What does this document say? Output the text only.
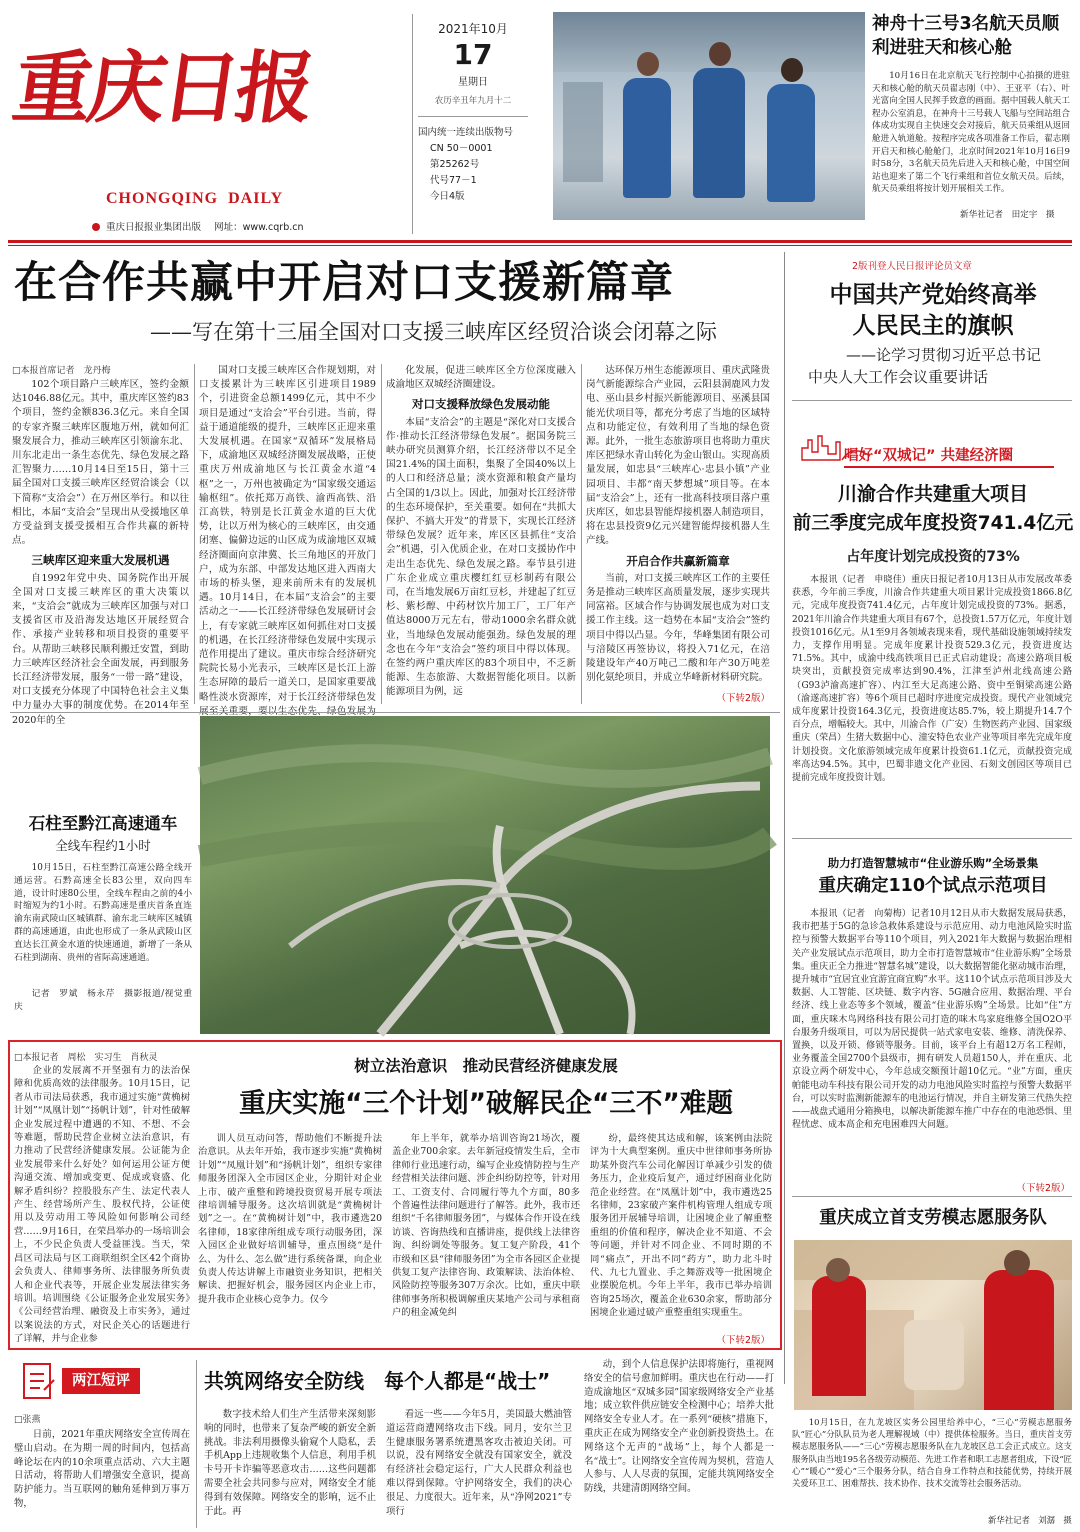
重庆日报
CHONGQING  DAILY
重庆日报报业集团出版 网址：www.cqrb.cn
2021年10月
17
星期日
农历辛丑年九月十二
国内统一连续出版物号
CN 50－0001
第25262号
代号77－1
今日4版
神舟十三号3名航天员顺利进驻天和核心舱

10月16日在北京航天飞行控制中心拍摄的进驻天和核心舱的航天员翟志刚（中）、王亚平（右）、叶光富向全国人民挥手致意的画面。据中国载人航天工程办公室消息，在神舟十三号载人飞船与空间站组合体成功实现自主快速交会对接后，航天员乘组从返回舱进入轨道舱。按程序完成各项准备工作后，翟志刚开启天和核心舱舱门，北京时间2021年10月16日9时58分，3名航天员先后进入天和核心舱，中国空间站也迎来了第二个飞行乘组和首位女航天员。后续，航天员乘组将按计划开展相关工作。

新华社记者　田定宇　摄
在合作共赢中开启对口支援新篇章
——写在第十三届全国对口支援三峡库区经贸洽谈会闭幕之际
□本报首席记者　龙丹梅

102个项目路户三峡库区，签约金额达1046.88亿元。其中，重庆库区签约83个项目，签约金额836.3亿元。来自全国的专家齐聚三峡库区腹地万州，就如何汇聚发展合力，推动三峡库区引领渝东北、川东北走出一条生态优先、绿色发展之路汇智聚力……10月14日至15日，第十三届全国对口支援三峡库区经贸洽谈会（以下简称“支洽会”）在万州区举行。和以往相比，本届“支洽会”呈现出从受援地区单方受益到支援受援相互合作共赢的新特点。

三峡库区迎来重大发展机遇

自1992年党中央、国务院作出开展全国对口支援三峡库区的重大决策以来，“支洽会”就成为三峡库区加强与对口支援省区市及沿海发达地区开展经贸合作、承接产业转移和项目投资的重要平台。从帮助三峡移民顺利搬迁安置，到助力三峡库区经济社会全面发展，再到服务长江经济带发展，服务“一带一路”建设，对口支援充分体现了中国特色社会主义集中力量办大事的制度优势。在2014年至2020年的全

国对口支援三峡库区合作规划期，对口支援累计为三峡库区引进项目1989个，引进资金总额1499亿元，其中不少项目是通过“支洽会”平台引进。当前，得益于通道能级的提升，三峡库区正迎来重大发展机遇。在国家“双循环”发展格局下，成渝地区双城经济圈发展战略，正使重庆万州成渝地区与长江黄金水道“4枢”之一，万州也被确定为“国家级交通运输枢纽”。依托郑万高铁、渝西高铁、沿江高铁，特别是长江黄金水道的巨大优势，让以万州为核心的三峡库区，由交通闭塞、偏僻边远的山区成为成渝地区双城经济圈面向京津冀、长三角地区的开放门户，成为东部、中部发达地区进入西南大市场的桥头堡，迎来前所未有的发展机遇。10月14日，在本届“支洽会”的主要活动之一——长江经济带绿色发展研讨会上，有专家就三峡库区如何抓住对口支援的机遇，在长江经济带绿色发展中实现示范作用提出了建议。重庆市综合经济研究院院长易小光表示，三峡库区是长江上游生态屏障的最后一道关口，是国家重要战略性淡水资源库，对于长江经济带绿色发

化发展，促进三峡库区全方位深度融入成渝地区双城经济圈建设。

对口支援释放绿色发展动能

本届“支洽会”的主题是“深化对口支援合作·推动长江经济带绿色发展”。据国务院三峡办研究员测算介绍，长江经济带以不足全国21.4%的国土面积，集聚了全国40%以上的人口和经济总量；淡水资源和粮食产量均占全国的1/3以上。因此，加强对长江经济带的生态环境保护，至关重要。如何在“共抓大保护、不搞大开发”的背景下，实现长江经济带绿色发展？近年来，库区区县抓住“支洽会”机遇，引入优质企业，在对口支援协作中走出生态优先、绿色发展之路。奉节县引进广东企业成立重庆樱红红豆杉制药有限公司，在当地发展6万亩红豆杉，并建起了红豆杉、紫杉醇、中药材饮片加工厂，工厂年产值达8000万元左右，带动1000余名群众就业，当地绿色发展动能强劲。绿色发展的理念也在今年“支洽会”签约项目中得以体现。在签约两户重庆库区的83个项目中，不乏新能源、生态旅游、大数据智能化项目。以新能源项目为例，远

达环保万州生态能源项目、重庆武隆贵岗气新能源综合产业园，云阳县洞鹿风力发电、巫山县乡村振兴新能源项目、巫溪县国能光伏项目等，都充分考虑了当地的区域特点和功能定位，有效利用了当地的绿色资源。此外，一批生态旅游项目也将助力重庆库区把绿水青山转化为金山银山。实现高质量发展，如忠县“三峡库心·忠县小镇”产业园项目、丰都“南天梦想城”项目等。在本届“支洽会”上，还有一批高科技项目落户重庆库区，如忠县智能焊接机器人制造项目，将在忠县投资9亿元兴建智能焊接机器人生产线。

开启合作共赢新篇章

当前，对口支援三峡库区工作的主要任务是推动三峡库区高质量发展，逐步实现共同富裕。区域合作与协调发展也成为对口支援工作主线。这一趋势在本届“支洽会”签约项目中得以凸显。今年，华峰集团有限公司与涪陵区再签协议，将投入71亿元，在涪陵建设年产40万吨己二酸和年产30万吨差别化氨纶项目，并成立华峰新材料研究院。

（下转2版）
2版刊登人民日报评论员文章
中国共产党始终高举
人民民主的旗帜
——论学习贯彻习近平总书记
中央人大工作会议重要讲话
唱好“双城记” 共建经济圈
川渝合作共建重大项目
前三季度完成年度投资741.4亿元
占年度计划完成投资的73%

本报讯（记者　申晓佳）重庆日报记者10月13日从市发展改革委获悉，今年前三季度，川渝合作共建重大项目累计完成投资1866.8亿元，完成年度投资741.4亿元，占年度计划完成投资的73%。据悉，2021年川渝合作共建重大项目有67个，总投资1.57万亿元，年度计划投资1016亿元。从1至9月各领域表现来看，现代基础设施领域持续发力，支撑作用明显。完成年度累计投资529.3亿元，投资进度达71.5%。其中，成渝中线高铁项目已正式启动建设；高速公路项目板块突出，贡献投资完成率达到90.4%，江津至泸州北线高速公路（G93泸渝高速扩容）、内江至大足高速公路、资中至铜梁高速公路（渝遂高速扩容）等6个项目已超时序进度完成投资。现代产业领域完成年度累计投资164.3亿元，投资进度达85.7%，较上期提升14.7个百分点，增幅较大。其中，川渝合作（广安）生物医药产业园、国家级重庆（荣昌）生猪大数据中心、潼安特色农业产业等项目率先完成年度计划投资。文化旅游领域完成年度累计投资61.1亿元，贡献投资完成率高达94.5%。其中，巴蜀非遗文化产业园、石刻文创园区等项目已提前完成年度投资计划。

助力打造智慧城市“住业游乐购”全场景集
重庆确定110个试点示范项目

本报讯（记者　向菊梅）记者10月12日从市大数据发展局获悉，我市把基于5G的急诊急救体系建设与示范应用、动力电池风险实时监控与预警大数据平台等110个项目，列入2021年大数据与数据治理相关产业发展试点示范项目，助力全市打造智慧城市“住业游乐购”全场景集。重庆正全力推进“智慧名城”建设，以大数据智能化驱动城市治理，提升城市“宜居宜业宜游宜商宜购”水平。这110个试点示范项目涉及大数据、人工智能、区块链、数字内容、5G融合应用、数据治理、平台经济、线上业态等多个领域，覆盖“住业游乐购”全场景。比如“住”方面，重庆咪木鸟网络科技有限公司打造的咪木鸟家庭维修全国O2O平台服务升级项目，可以为居民提供一站式家电安装、维修、清洗保养、置换，以及开锁、修锁等服务。目前，该平台上有超12万名工程师，业务覆盖全国2700个县级市，拥有研发人员超150人，并在重庆、北京设立两个研发中心，今年总成交额预计超10亿元。“业”方面，重庆帕能电动车科技有限公司开发的动力电池风险实时监控与预警大数据平台，可以实时监测新能源车的电池运行情况，并自主研发第三代热失控——战盘式通用分箱换电，以解决新能源车推广中存在的电池恐惧、里程忧虑、成本高企和充电困难四大问题。

（下转2版）
重庆成立首支劳模志愿服务队

10月15日，在九龙坡区实务公园里给养中心，“三心”劳模志愿服务队“匠心”分队队员为老人理解视域（中）提供体检服务。当日，重庆首支劳模志愿服务队——“三心”劳模志愿服务队在九龙坡区总工会正式成立。这支服务队由当地195名各级劳动模范、先进工作者和职工志愿者组成，下设“匠心”“暖心”“爱心”三个服务分队，结合自身工作特点和技能优势，持续开展关爱环卫工、困难帮扶、技术协作、技术交流等社会服务活动。

新华社记者　刘潺　摄
石柱至黔江高速通车
全线车程约1小时

10月15日，石柱至黔江高速公路全线开通运营。石黔高速全长83公里，双向四车道，设计时速80公里，全线车程由之前的4小时缩短为约1小时。石黔高速是重庆首条直连渝东南武陵山区城镇群、渝东北三峡库区城镇群的高速通道，由此也形成了一条从武陵山区直达长江黄金水道的快速通道，新增了一条从石柱到湖南、贵州的省际高速通道。

记者　罗斌　杨永芹　摄影报道/视觉重庆

□本报记者　周松　实习生　肖秋灵

企业的发展离不开坚强有力的法治保障和优质高效的法律服务。10月15日，记者从市司法局获悉，我市通过实施“黄桷树计划”“凤凰计划”“扬帆计划”，针对性破解企业发展过程中遭遇的不知、不想、不会等难题，帮助民营企业树立法治意识，有力推动了民营经济健康发展。公证能为企业发展带来什么好处？如何运用公证方便沟通交流、增加或变更、促成或衰盛、化解矛盾纠纷？控股股东产生、法定代表人产生、经营场所产生、股权代持，公证使用以及劳动用工等风险如何影响公司经营……9月16日，在荣昌举办的一场培训会上，不少民企负责人受益匪浅。当天，荣昌区司法局与区工商联组织全区42个商协会负责人、律师事务所、法律服务所负责人和企业代表等，开展企业发展法律实务培训。培训围绕《公证服务企业发展实务》《公司经营治理、融资及上市实务》，通过以案说法的方式，对民企关心的话题进行了详解，并与企业参

树立法治意识　推动民营经济健康发展
重庆实施“三个计划”破解民企“三不”难题

训人员互动问答，帮助他们不断提升法治意识。从去年开始，我市逐步实施“黄桷树计划”“凤凰计划”和“扬帆计划”，组织专家律师服务团深入全市园区企业，分期针对企业上市、破产重整和跨境投资贸易开展专项法律培训辅导服务。这次培训就是“黄桷树计划”之一。在“黄桷树计划”中，我市遴选20名律师，18家律所组成专项行动服务团，深入园区企业做好培训辅导，重点围绕“是什么、为什么、怎么做”进行系统备课，向企业负责人传达讲解上市融资业务知识，把相关解读、把握好机会，服务园区内企业上市，提升我市企业核心竞争力。仅今

年上半年，就举办培训咨询21场次，覆盖企业700余家。去年新冠疫情发生后，全市律师行业迅速行动，编写企业疫情防控与生产经营相关法律问题、涉企纠纷防控等，针对用工、工资支付、合同履行等九个方面，80多个普遍性法律问题进行了解答。此外，我市还组织“千名律师服务团”，与媒体合作开设在线访谈、咨询热线和直播讲座，提供线上法律咨询、纠纷调处等服务。复工复产阶段，41个市级和区县“律师服务团”为全市各园区企业提供复工复产法律咨询、政策解读、法治体检、风险防控等服务307万余次。比如，重庆中联律师事务所积极调解重庆某地产公司与承租商户的租金减免纠

纷，最终使其达成和解，该案例由法院评为十大典型案例。重庆中世律师事务所协助某外资汽车公司化解因订单减少引发的债务压力，企业疫后复产，通过纾困商业化防范企业经营。在“凤凰计划”中，我市遴选25名律师，23家破产案件机构管理人组成专项服务团开展辅导培训，让困境企业了解重整重组的价值和程序，解决企业不知道、不会等问题，并针对不同企业、不同时期的不同“痛点”，开出不同“药方”，助力北斗时代、九七九置业、手之舞游戏等一批困境企业摆脱危机。今年上半年，我市已举办培训咨询25场次，覆盖企业630余家，帮助部分困境企业通过破产重整重组实现重生。

（下转2版）
两江短评
□张燕

日前，2021年重庆网络安全宣传周在璧山启动。在为期一周的时间内，包括高峰论坛在内的10余项重点活动、六大主题日活动，将帮助人们增强安全意识，提高防护能力。当互联网的触角延伸到万事万物，

共筑网络安全防线　每个人都是“战士”

数字技术给人们生产生活带来深刻影响的同时，也带来了复杂严峻的新安全新挑战。非法利用摄像头偷窥个人隐私，丢手机App上违规收集个人信息，利用手机卡号开卡诈骗等恶意攻击……这些问题都需要全社会共同参与应对，网络安全才能得到有效保障。网络安全的影响，远不止于此。再

看远一些——今年5月，美国最大燃油管道运营商遭网络攻击下线。同月，安尔兰卫生健康服务署系统遭黑客攻击被迫关闭。可以说，没有网络安全就没有国家安全，就没有经济社会稳定运行，广大人民群众利益也难以得到保障。守护网络安全，我们的决心很足、力度很大。近年来，从“净网2021”专项行

动，到个人信息保护法即将施行，重视网络安全的信号愈加鲜明。重庆也在行动——打造成渝地区“双城多园”国家级网络安全产业基地；成立软件供应链安全检测中心；培养大批网络安全专业人才。在一系列“硬核”措施下，重庆正在成为网络安全产业创新投资热土。在网络这个无声的“战场”上，每个人都是一名“战士”。让网络安全宣传周为契机，营造人人参与、人人尽责的氛围，定能共筑网络安全防线，共建清朗网络空间。
